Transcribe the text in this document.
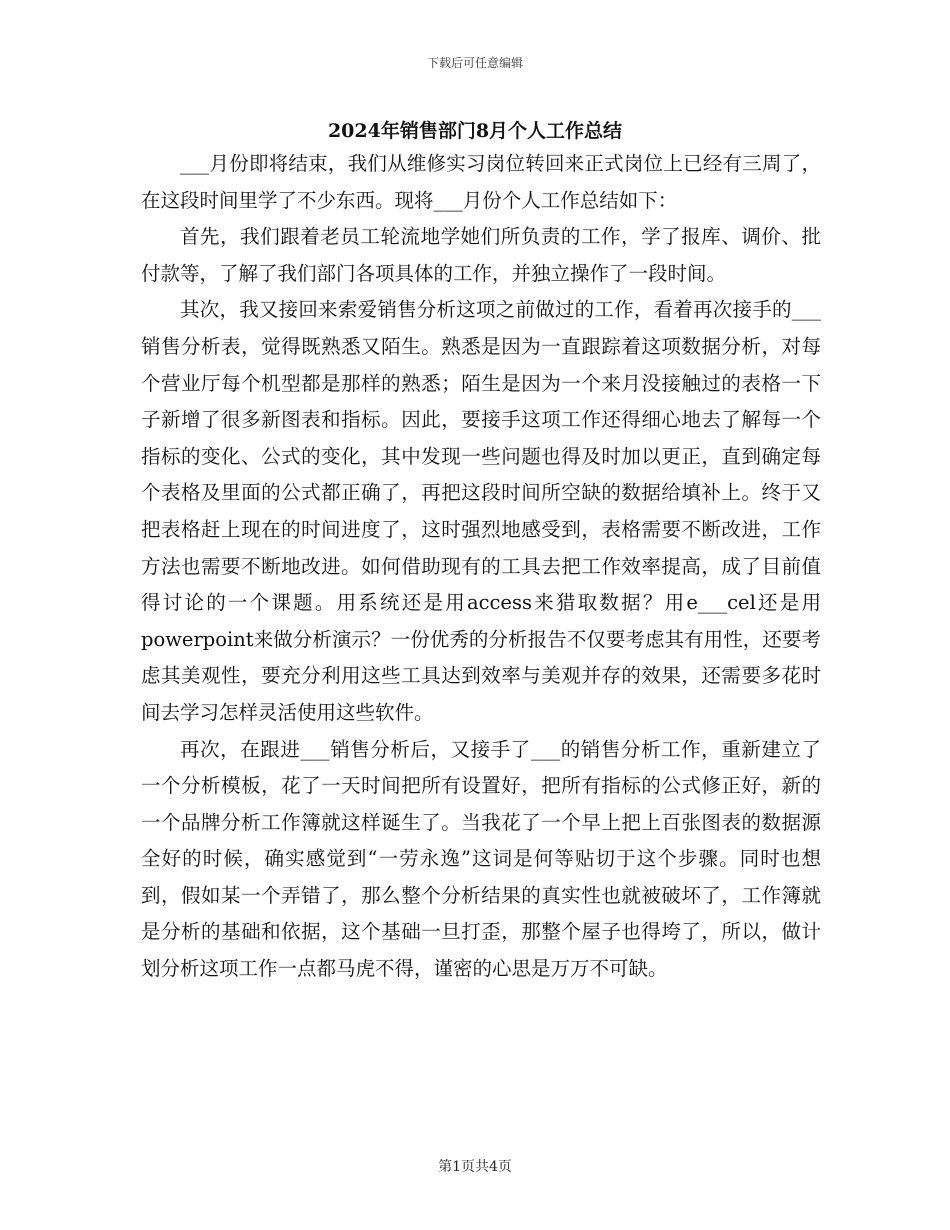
下载后可任意编辑
2024年销售部门8月个人工作总结

___月份即将结束，我们从维修实习岗位转回来正式岗位上已经有三周了，在这段时间里学了不少东西。现将___月份个人工作总结如下：

首先，我们跟着老员工轮流地学她们所负责的工作，学了报库、调价、批付款等，了解了我们部门各项具体的工作，并独立操作了一段时间。

其次，我又接回来索爱销售分析这项之前做过的工作，看着再次接手的___销售分析表，觉得既熟悉又陌生。熟悉是因为一直跟踪着这项数据分析，对每个营业厅每个机型都是那样的熟悉；陌生是因为一个来月没接触过的表格一下子新增了很多新图表和指标。因此，要接手这项工作还得细心地去了解每一个指标的变化、公式的变化，其中发现一些问题也得及时加以更正，直到确定每个表格及里面的公式都正确了，再把这段时间所空缺的数据给填补上。终于又把表格赶上现在的时间进度了，这时强烈地感受到，表格需要不断改进，工作方法也需要不断地改进。如何借助现有的工具去把工作效率提高，成了目前值得讨论的一个课题。用系统还是用access来猎取数据？用e___cel还是用powerpoint来做分析演示？一份优秀的分析报告不仅要考虑其有用性，还要考虑其美观性，要充分利用这些工具达到效率与美观并存的效果，还需要多花时间去学习怎样灵活使用这些软件。

再次，在跟进___销售分析后，又接手了___的销售分析工作，重新建立了一个分析模板，花了一天时间把所有设置好，把所有指标的公式修正好，新的一个品牌分析工作簿就这样诞生了。当我花了一个早上把上百张图表的数据源全好的时候，确实感觉到“一劳永逸”这词是何等贴切于这个步骤。同时也想到，假如某一个弄错了，那么整个分析结果的真实性也就被破坏了，工作簿就是分析的基础和依据，这个基础一旦打歪，那整个屋子也得垮了，所以，做计划分析这项工作一点都马虎不得，谨密的心思是万万不可缺。

第1页共4页
